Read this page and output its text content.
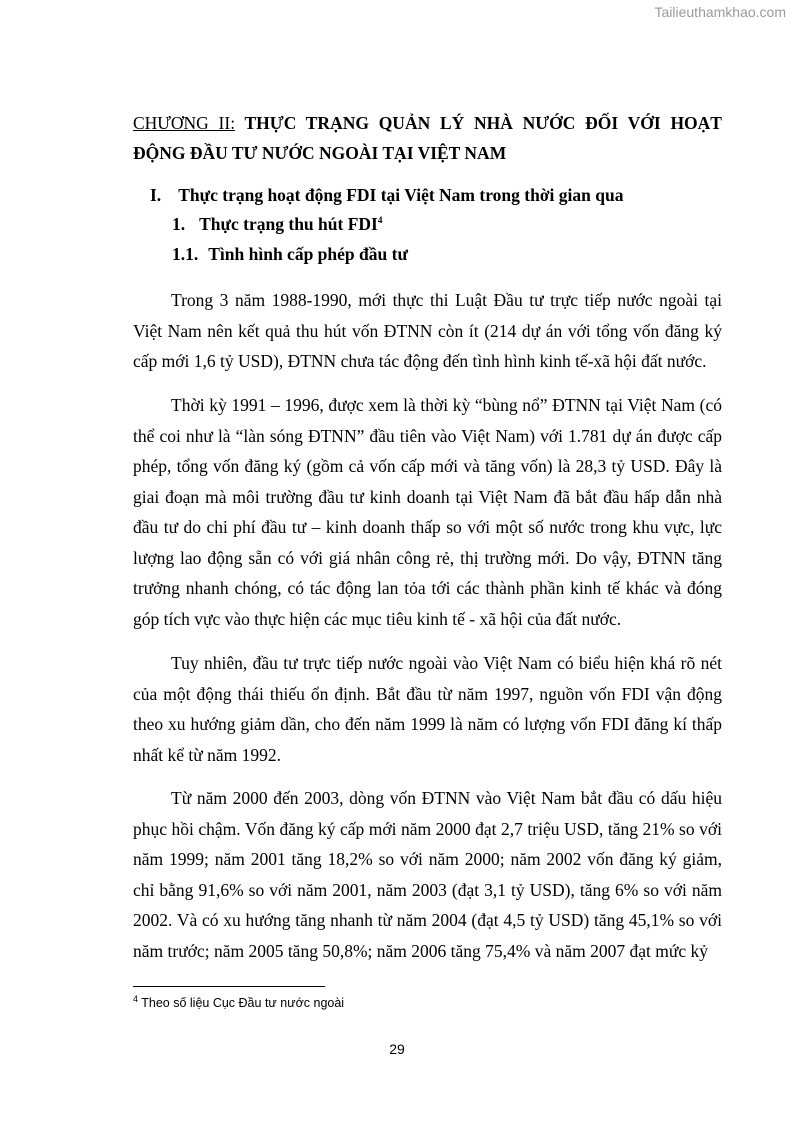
Tailieuthamkhao.com
CHƯƠNG II: THỰC TRẠNG QUẢN LÝ NHÀ NƯỚC ĐỐI VỚI HOẠT
ĐỘNG ĐẦU TƯ NƯỚC NGOÀI TẠI VIỆT NAM
I. Thực trạng hoạt động FDI tại Việt Nam trong thời gian qua
1. Thực trạng thu hút FDI$^4$
1.1. Tình hình cấp phép đầu tư
Trong 3 năm 1988-1990, mới thực thi Luật Đầu tư trực tiếp nước ngoài tại
Việt Nam nên kết quả thu hút vốn ĐTNN còn ít (214 dự án với tổng vốn đăng ký
cấp mới 1,6 tỷ USD), ĐTNN chưa tác động đến tình hình kinh tế-xã hội đất nước.
Thời kỳ 1991 – 1996, được xem là thời kỳ “bùng nổ” ĐTNN tại Việt Nam (có
thể coi như là “làn sóng ĐTNN” đầu tiên vào Việt Nam) với 1.781 dự án được cấp
phép, tổng vốn đăng ký (gồm cả vốn cấp mới và tăng vốn) là 28,3 tỷ USD. Đây là
giai đoạn mà môi trường đầu tư kinh doanh tại Việt Nam đã bắt đầu hấp dẫn nhà
đầu tư do chi phí đầu tư – kinh doanh thấp so với một số nước trong khu vực, lực
lượng lao động sẵn có với giá nhân công rẻ, thị trường mới. Do vậy, ĐTNN tăng
trưởng nhanh chóng, có tác động lan tỏa tới các thành phần kinh tế khác và đóng
góp tích vực vào thực hiện các mục tiêu kinh tế - xã hội của đất nước.
Tuy nhiên, đầu tư trực tiếp nước ngoài vào Việt Nam có biểu hiện khá rõ nét
của một động thái thiếu ổn định. Bắt đầu từ năm 1997, nguồn vốn FDI vận động
theo xu hướng giảm dần, cho đến năm 1999 là năm có lượng vốn FDI đăng kí thấp
nhất kể từ năm 1992.
Từ năm 2000 đến 2003, dòng vốn ĐTNN vào Việt Nam bắt đầu có dấu hiệu
phục hồi chậm. Vốn đăng ký cấp mới năm 2000 đạt 2,7 triệu USD, tăng 21% so với
năm 1999; năm 2001 tăng 18,2% so với năm 2000; năm 2002 vốn đăng ký giảm,
chỉ bằng 91,6% so với năm 2001, năm 2003 (đạt 3,1 tỷ USD), tăng 6% so với năm
2002. Và có xu hướng tăng nhanh từ năm 2004 (đạt 4,5 tỷ USD) tăng 45,1% so với
năm trước; năm 2005 tăng 50,8%; năm 2006 tăng 75,4% và năm 2007 đạt mức kỷ
$^4$ Theo số liệu Cục Đầu tư nước ngoài
29
